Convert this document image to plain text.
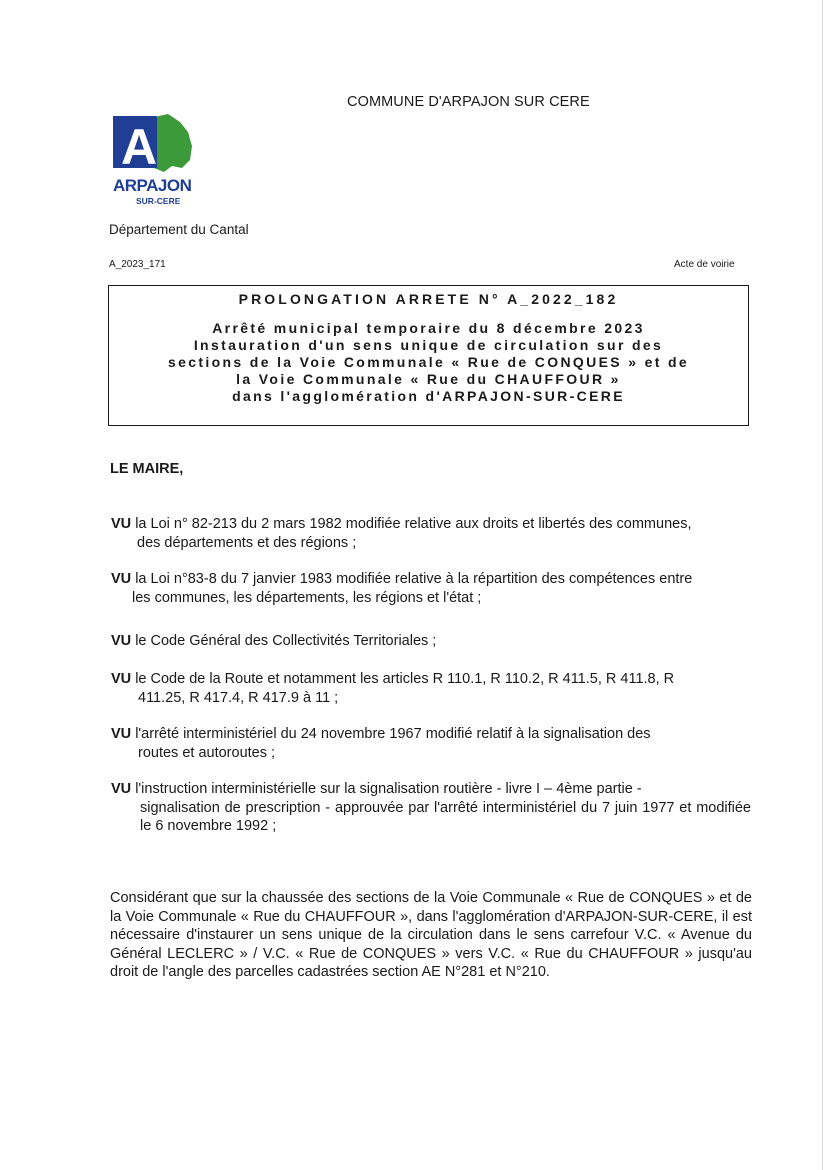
COMMUNE D'ARPAJON SUR CERE
A
ARPAJON
SUR-CERE
Département du Cantal
A_2023_171	Acte de voirie
PROLONGATION ARRETE N° A_2022_182
Arrêté municipal temporaire du 8 décembre 2023
Instauration d'un sens unique de circulation sur des
sections de la Voie Communale « Rue de CONQUES » et de
la Voie Communale « Rue du CHAUFFOUR »
dans l'agglomération d'ARPAJON-SUR-CERE
LE MAIRE,
VU la Loi n° 82-213 du 2 mars 1982 modifiée relative aux droits et libertés des communes,
des départements et des régions ;
VU la Loi n°83-8 du 7 janvier 1983 modifiée relative à la répartition des compétences entre
les communes, les départements, les régions et l'état ;
VU le Code Général des Collectivités Territoriales ;
VU le Code de la Route et notamment les articles R 110.1, R 110.2, R 411.5, R 411.8, R
411.25, R 417.4, R 417.9 à 11 ;
VU l'arrêté interministériel du 24 novembre 1967 modifié relatif à la signalisation des
routes et autoroutes ;
VU l'instruction interministérielle sur la signalisation routière - livre I – 4ème partie -
signalisation de prescription - approuvée par l'arrêté interministériel du 7 juin 1977 et modifiée le 6 novembre 1992 ;
Considérant que sur la chaussée des sections de la Voie Communale « Rue de CONQUES » et de la Voie Communale « Rue du CHAUFFOUR », dans l'agglomération d'ARPAJON-SUR-CERE, il est nécessaire d'instaurer un sens unique de la circulation dans le sens carrefour V.C. « Avenue du Général LECLERC » / V.C. « Rue de CONQUES » vers V.C. « Rue du CHAUFFOUR » jusqu'au droit de l'angle des parcelles cadastrées section AE N°281 et N°210.
